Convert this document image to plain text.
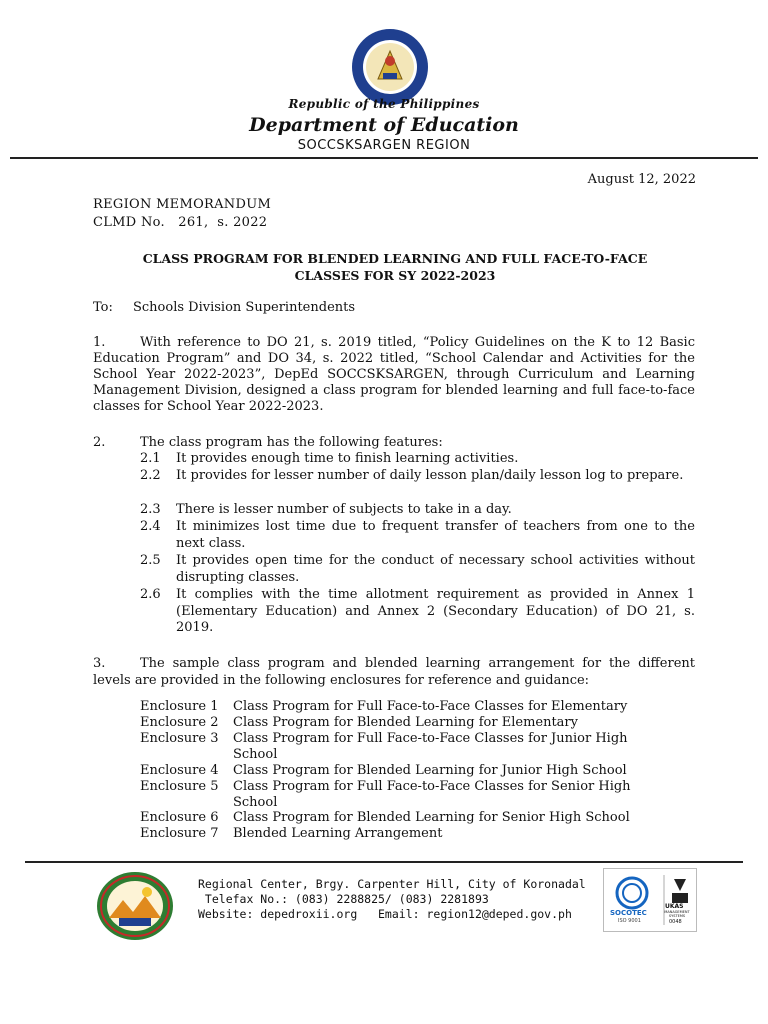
Republic of the Philippines
Department of Education
SOCCSKSARGEN REGION
August 12, 2022
REGION MEMORANDUM
CLMD No.   261,  s. 2022
CLASS PROGRAM FOR BLENDED LEARNING AND FULL FACE-TO-FACE
CLASSES FOR SY 2022-2023
To: Schools Division Superintendents
1.	With reference to DO 21, s. 2019 titled, “Policy Guidelines on the K to 12 Basic Education Program” and DO 34, s. 2022 titled, “School Calendar and Activities for the School Year 2022-2023”, DepEd SOCCSKSARGEN, through Curriculum and Learning Management Division, designed a class program for blended learning and full face-to-face classes for School Year 2022-2023.
2.	The class program has the following features:
2.1 It provides enough time to finish learning activities.
2.2 It provides for lesser number of daily lesson plan/daily lesson log to prepare.
2.3 There is lesser number of subjects to take in a day.
2.4 It minimizes lost time due to frequent transfer of teachers from one to the next class.
2.5 It provides open time for the conduct of necessary school activities without disrupting classes.
2.6 It complies with the time allotment requirement as provided in Annex 1 (Elementary Education) and Annex 2 (Secondary Education) of DO 21, s. 2019.
3.	The sample class program and blended learning arrangement for the different levels are provided in the following enclosures for reference and guidance:
Enclosure 1 Class Program for Full Face-to-Face Classes for Elementary
Enclosure 2 Class Program for Blended Learning for Elementary
Enclosure 3 Class Program for Full Face-to-Face Classes for Junior High School
Enclosure 4 Class Program for Blended Learning for Junior High School
Enclosure 5 Class Program for Full Face-to-Face Classes for Senior High School
Enclosure 6 Class Program for Blended Learning for Senior High School
Enclosure 7 Blended Learning Arrangement
Regional Center, Brgy. Carpenter Hill, City of Koronadal
Telefax No.: (083) 2288825/ (083) 2281893
Website: depedroxii.org   Email: region12@deped.gov.ph	SOCOTEC
ISO 9001
UKAS
MANAGEMENT SYSTEMS
0048
